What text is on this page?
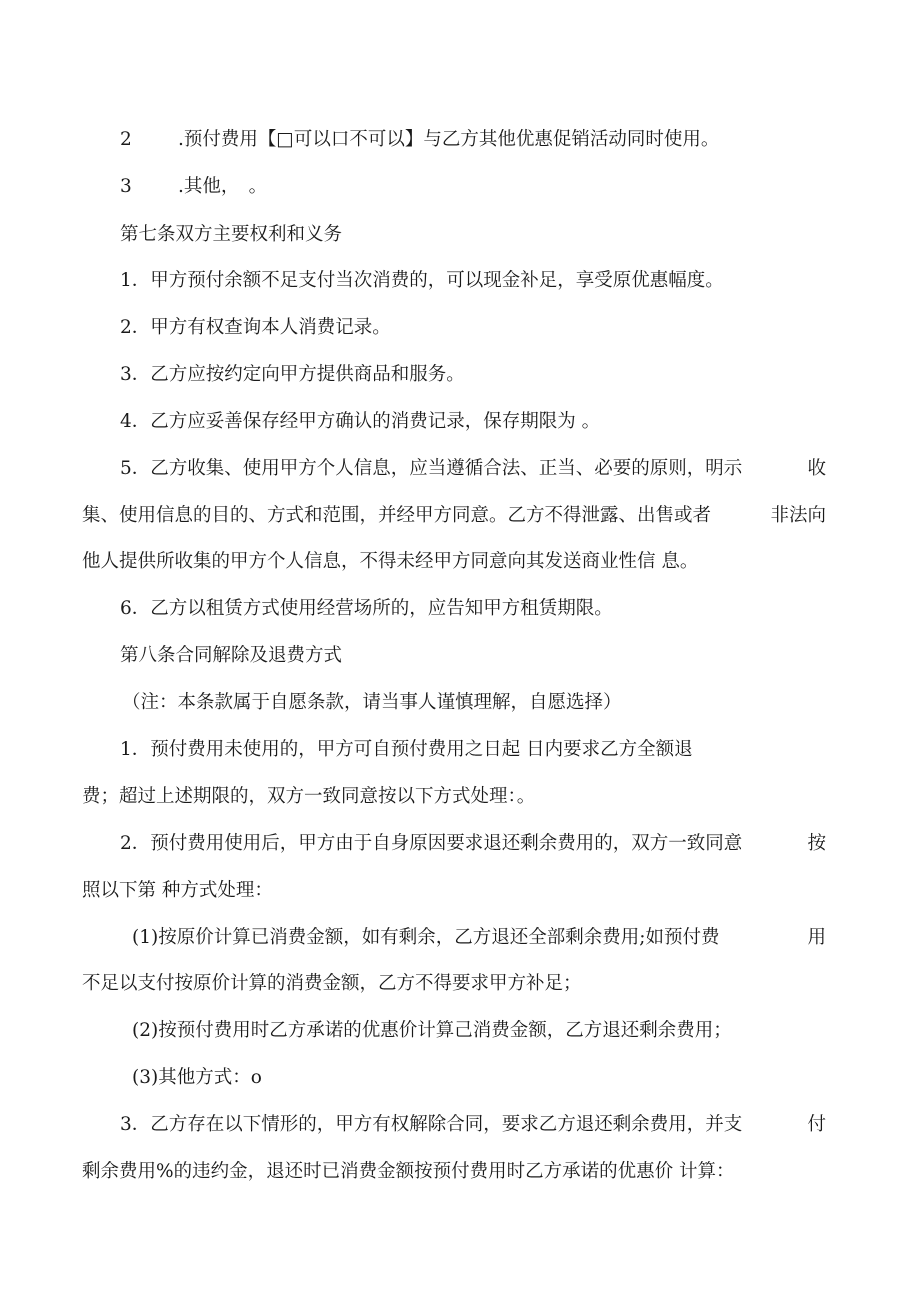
2 .预付费用【□可以口不可以】与乙方其他优惠促销活动同时使用。
3 .其他，　。
第七条双方主要权利和义务
1．甲方预付余额不足支付当次消费的，可以现金补足，享受原优惠幅度。
2．甲方有权查询本人消费记录。
3．乙方应按约定向甲方提供商品和服务。
4．乙方应妥善保存经甲方确认的消费记录，保存期限为 。
5．乙方收集、使用甲方个人信息，应当遵循合法、正当、必要的原则，明示	收
集、使用信息的目的、方式和范围，并经甲方同意。乙方不得泄露、出售或者	非法向
他人提供所收集的甲方个人信息，不得未经甲方同意向其发送商业性信 息。
6．乙方以租赁方式使用经营场所的，应告知甲方租赁期限。
第八条合同解除及退费方式
（注：本条款属于自愿条款，请当事人谨慎理解，自愿选择）
1．预付费用未使用的，甲方可自预付费用之日起 日内要求乙方全额退
费；超过上述期限的，双方一致同意按以下方式处理：。
2．预付费用使用后，甲方由于自身原因要求退还剩余费用的，双方一致同意	按
照以下第 种方式处理：
(1)按原价计算已消费金额，如有剩余，乙方退还全部剩余费用;如预付费	用
不足以支付按原价计算的消费金额，乙方不得要求甲方补足；
(2)按预付费用时乙方承诺的优惠价计算己消费金额，乙方退还剩余费用；
(3)其他方式：o
3．乙方存在以下情形的，甲方有权解除合同，要求乙方退还剩余费用，并支	付
剩余费用%的违约金，退还时已消费金额按预付费用时乙方承诺的优惠价 计算：
